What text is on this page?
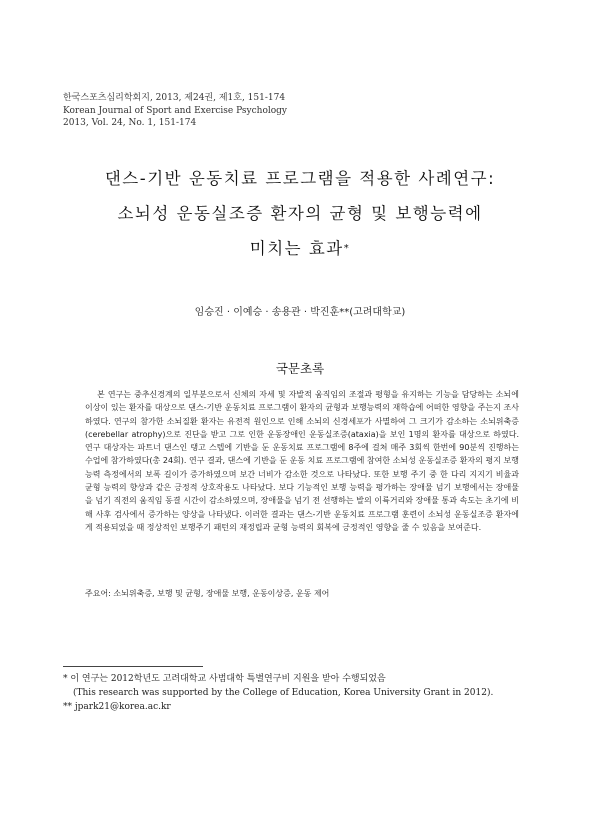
한국스포츠심리학회지, 2013, 제24권, 제1호, 151-174
Korean Journal of Sport and Exercise Psychology
2013, Vol. 24, No. 1, 151-174
댄스-기반 운동치료 프로그램을 적용한 사례연구:
소뇌성 운동실조증 환자의 균형 및 보행능력에
미치는 효과*
임승진 · 이예승 · 송용관 · 박진훈**(고려대학교)
국문초록

본 연구는 중추신경계의 일부분으로서 신체의 자세 및 자발적 움직임의 조절과 평형을 유지하는 기능을 담당하는 소뇌에 이상이 있는 환자를 대상으로 댄스-기반 운동치료 프로그램이 환자의 균형과 보행능력의 재학습에 어떠한 영향을 주는지 조사하였다. 연구의 참가한 소뇌질환 환자는 유전적 원인으로 인해 소뇌의 신경세포가 사멸하여 그 크기가 감소하는 소뇌위축증(cerebellar atrophy)으로 진단을 받고 그로 인한 운동장애인 운동실조증(ataxia)을 보인 1명의 환자를 대상으로 하였다. 연구 대상자는 파트너 댄스인 탱고 스텝에 기반을 둔 운동치료 프로그램에 8주에 걸쳐 매주 3회씩 한번에 90분씩 진행하는 수업에 참가하였다(총 24회). 연구 결과, 댄스에 기반을 둔 운동 치료 프로그램에 참여한 소뇌성 운동실조증 환자의 평지 보행 능력 측정에서의 보폭 길이가 증가하였으며 보간 너비가 감소한 것으로 나타났다. 또한 보행 주기 중 한 다리 지지기 비율과 균형 능력의 향상과 같은 긍정적 상호작용도 나타났다. 보다 기능적인 보행 능력을 평가하는 장애물 넘기 보행에서는 장애물을 넘기 직전의 움직임 동결 시간이 감소하였으며, 장애물을 넘기 전 선행하는 발의 이륙거리와 장애물 통과 속도는 초기에 비해 사후 검사에서 증가하는 양상을 나타냈다. 이러한 결과는 댄스-기반 운동치료 프로그램 훈련이 소뇌성 운동실조증 환자에게 적용되었을 때 정상적인 보행주기 패턴의 재정립과 균형 능력의 회복에 긍정적인 영향을 줄 수 있음을 보여준다.

주요어: 소뇌위축증, 보행 및 균형, 장애물 보행, 운동이상증, 운동 제어
* 이 연구는 2012학년도 고려대학교 사범대학 특별연구비 지원을 받아 수행되었음
(This research was supported by the College of Education, Korea University Grant in 2012).
** jpark21@korea.ac.kr
